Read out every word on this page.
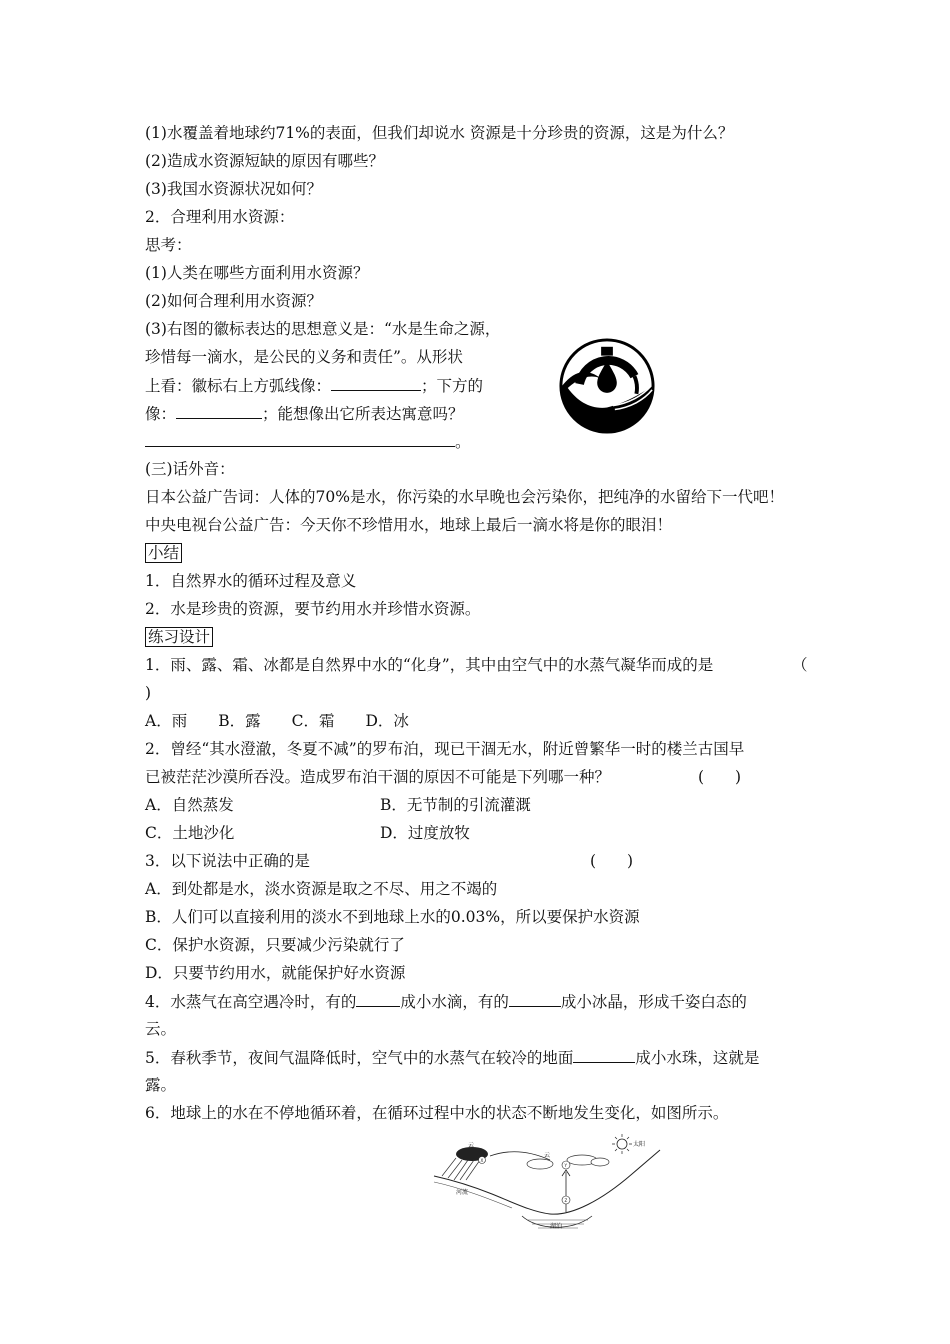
(1)水覆盖着地球约71%的表面，但我们却说水 资源是十分珍贵的资源，这是为什么？
(2)造成水资源短缺的原因有哪些？
(3)我国水资源状况如何？
2．合理利用水资源：
思考：
(1)人类在哪些方面利用水资源？
(2)如何合理利用水资源？
(3)右图的徽标表达的思想意义是：“水是生命之源，
珍惜每一滴水，是公民的义务和责任”。从形状
上看：徽标右上方弧线像：	；下方的
像：	；能想像出它所表达寓意吗？
。
(三)话外音：
日本公益广告词：人体的70%是水，你污染的水早晚也会污染你，把纯净的水留给下一代吧！
中央电视台公益广告：今天你不珍惜用水，地球上最后一滴水将是你的眼泪！
小结
1．自然界水的循环过程及意义
2．水是珍贵的资源，要节约用水并珍惜水资源。
练习设计
1．雨、露、霜、冰都是自然界中水的“化身”，其中由空气中的水蒸气凝华而成的是	（
)
A．雨　　B．露　　C．霜　　D．冰
2．曾经“其水澄澈，冬夏不减”的罗布泊，现已干涸无水，附近曾繁华一时的楼兰古国早
已被茫茫沙漠所吞没。造成罗布泊干涸的原因不可能是下列哪一种？	(　　)
A．自然蒸发	B．无节制的引流灌溉
C．土地沙化	D．过度放牧
3．以下说法中正确的是	(　　)
A．到处都是水，淡水资源是取之不尽、用之不竭的
B．人们可以直接利用的淡水不到地球上水的0.03%，所以要保护水资源
C．保护水资源，只要减少污染就行了
D．只要节约用水，就能保护好水资源
4．水蒸气在高空遇冷时，有的	成小水滴，有的	成小冰晶，形成千姿白态的
云。
5．春秋季节，夜间气温降低时，空气中的水蒸气在较冷的地面	成小水珠，这就是
露。
6．地球上的水在不停地循环着，在循环过程中水的状态不断地发生变化，如图所示。
太阳
云
云
河流
湖泊
X
Y
Z
